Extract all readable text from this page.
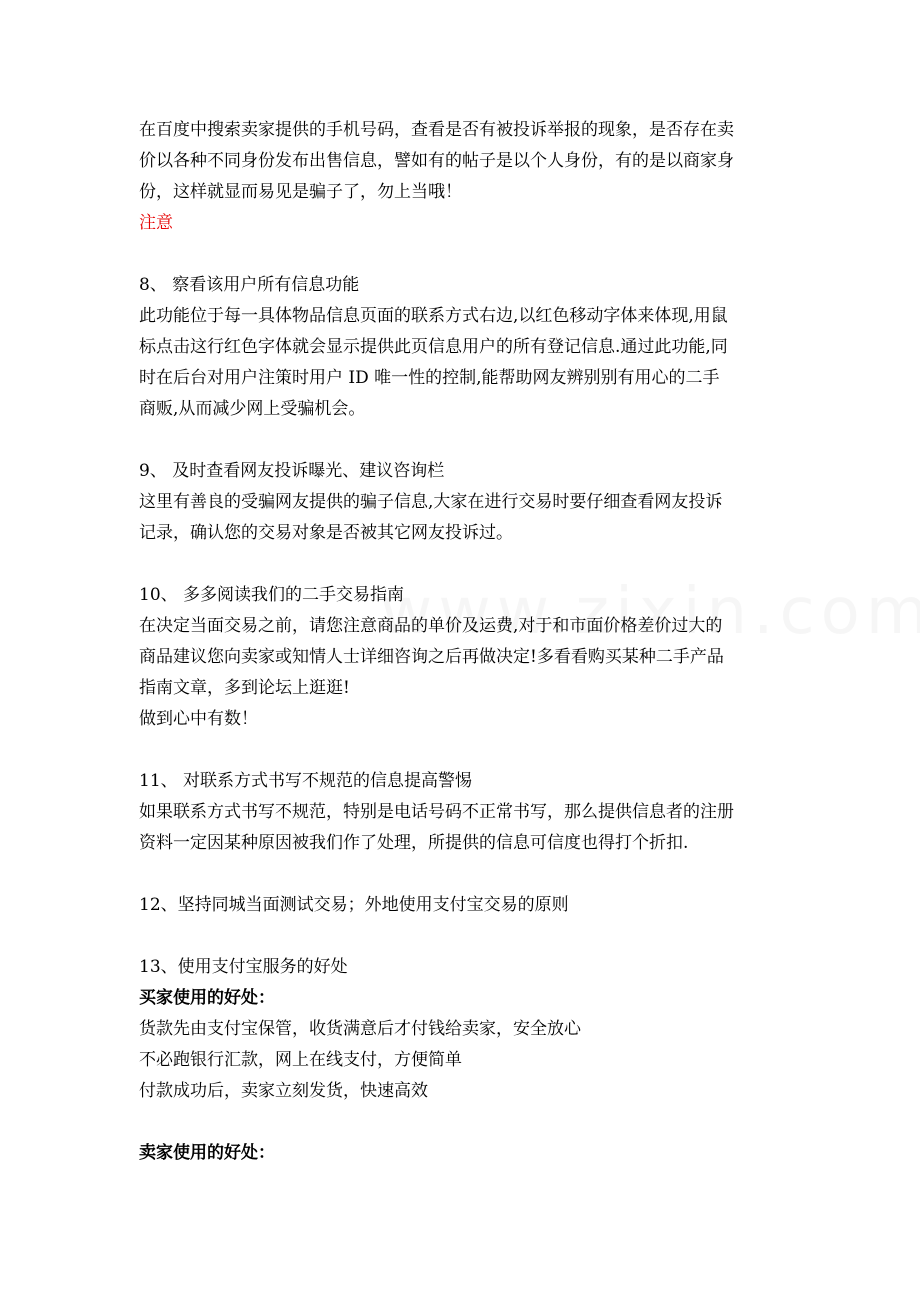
在百度中搜索卖家提供的手机号码，查看是否有被投诉举报的现象，是否存在卖
价以各种不同身份发布出售信息，譬如有的帖子是以个人身份，有的是以商家身
份，这样就显而易见是骗子了，勿上当哦！
注意
8、 察看该用户所有信息功能
此功能位于每一具体物品信息页面的联系方式右边,以红色移动字体来体现,用鼠
标点击这行红色字体就会显示提供此页信息用户的所有登记信息.通过此功能,同
时在后台对用户注策时用户 ID 唯一性的控制,能帮助网友辨别别有用心的二手
商贩,从而减少网上受骗机会。
9、 及时查看网友投诉曝光、建议咨询栏
这里有善良的受骗网友提供的骗子信息,大家在进行交易时要仔细查看网友投诉
记录，确认您的交易对象是否被其它网友投诉过。
10、 多多阅读我们的二手交易指南
在决定当面交易之前，请您注意商品的单价及运费,对于和市面价格差价过大的
商品建议您向卖家或知情人士详细咨询之后再做决定!多看看购买某种二手产品
指南文章，多到论坛上逛逛!
做到心中有数！
11、 对联系方式书写不规范的信息提高警惕
如果联系方式书写不规范，特别是电话号码不正常书写，那么提供信息者的注册
资料一定因某种原因被我们作了处理，所提供的信息可信度也得打个折扣.
12、坚持同城当面测试交易；外地使用支付宝交易的原则
13、使用支付宝服务的好处
买家使用的好处：
货款先由支付宝保管，收货满意后才付钱给卖家，安全放心
不必跑银行汇款，网上在线支付，方便简单
付款成功后，卖家立刻发货，快速高效
卖家使用的好处：
